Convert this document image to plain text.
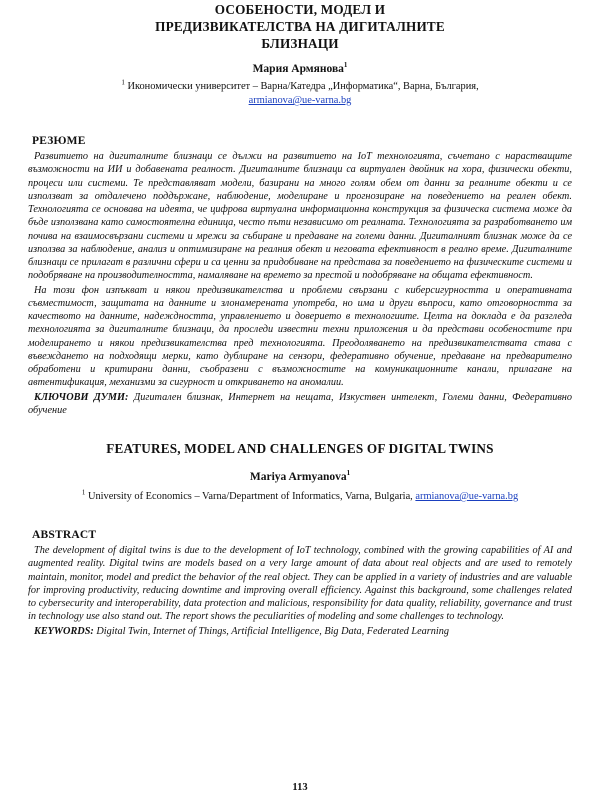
ОСОБЕНОСТИ, МОДЕЛ И ПРЕДИЗВИКАТЕЛСТВА НА ДИГИТАЛНИТЕ БЛИЗНАЦИ

Мария Армянова$^1$

$^1$ Икономически университет – Варна/Катедра „Информатика“, Варна, България,
armianova@ue-varna.bg

РЕЗЮМЕ

Развитието на дигиталните близнаци се дължи на развитието на IoT технологията, съчетано с нарастващите възможности на ИИ и добавената реалност. Дигиталните близнаци са виртуален двойник на хора, физически обекти, процеси или системи. Те представляват модели, базирани на много голям обем от данни за реалните обекти и се използват за отдалечено поддържане, наблюдение, моделиране и прогнозиране на поведението на реален обект. Технологията се основава на идеята, че цифрова виртуална информационна конструкция за физическа система може да бъде използвана като самостоятелна единица, често пъти независимо от реалната. Технологията за разработването им почива на взаимосвързани системи и мрежи за събиране и предаване на големи данни. Дигиталният близнак може да се използва за наблюдение, анализ и оптимизиране на реалния обект и неговата ефективност в реално време. Дигиталните близнаци се прилагат в различни сфери и са ценни за придобиване на представа за поведението на физическите системи и подобряване на производителността, намаляване на времето за престой и подобряване на общата ефективност.

На този фон изпъкват и някои предизвикателства и проблеми свързани с киберсигурността и оперативната съвместимост, защитата на данните и злонамерената употреба, но има и други въпроси, като отговорността за качеството на данните, надеждността, управлението и доверието в технологиите. Целта на доклада е да разгледа технологията за дигиталните близнаци, да проследи известни техни приложения и да представи особеностите при моделирането и някои предизвикателства пред технологията. Преодоляването на предизвикателствата става с въвеждането на подходящи мерки, като дублиране на сензори, федеративно обучение, предаване на предварително обработени и критирани данни, съобразени с възможностите на комуникационните канали, прилагане на автентификация, механизми за сигурност и откриването на аномалии.

КЛЮЧОВИ ДУМИ: Дигитален близнак, Интернет на нещата, Изкуствен интелект, Големи данни, Федеративно обучение

FEATURES, MODEL AND CHALLENGES OF DIGITAL TWINS

Mariya Armyanova$^1$

$^1$ University of Economics – Varna/Department of Informatics, Varna, Bulgaria, armianova@ue-varna.bg

ABSTRACT

The development of digital twins is due to the development of IoT technology, combined with the growing capabilities of AI and augmented reality. Digital twins are models based on a very large amount of data about real objects and are used to remotely maintain, monitor, model and predict the behavior of the real object. They can be applied in a variety of industries and are valuable for improving productivity, reducing downtime and improving overall efficiency. Against this background, some challenges related to cybersecurity and interoperability, data protection and malicious, responsibility for data quality, reliability, governance and trust in technology use also stand out. The report shows the peculiarities of modeling and some challenges to technology.

KEYWORDS: Digital Twin, Internet of Things, Artificial Intelligence, Big Data, Federated Learning

113
